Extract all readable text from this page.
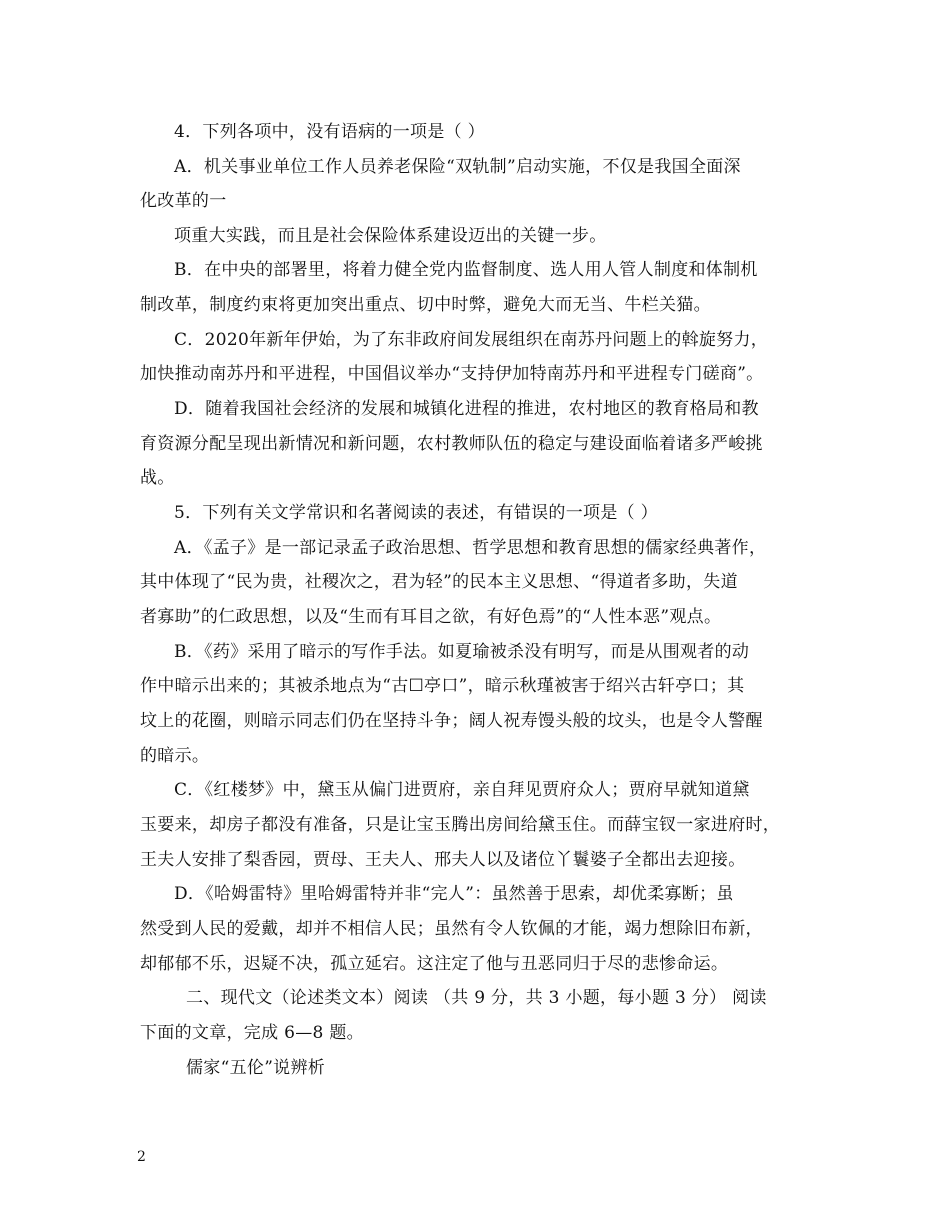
4．下列各项中，没有语病的一项是（ ）
A．机关事业单位工作人员养老保险“双轨制”启动实施，不仅是我国全面深
化改革的一
项重大实践，而且是社会保险体系建设迈出的关键一步。
B．在中央的部署里，将着力健全党内监督制度、选人用人管人制度和体制机
制改革，制度约束将更加突出重点、切中时弊，避免大而无当、牛栏关猫。
C．2020年新年伊始，为了东非政府间发展组织在南苏丹问题上的斡旋努力，
加快推动南苏丹和平进程，中国倡议举办“支持伊加特南苏丹和平进程专门磋商”。
D．随着我国社会经济的发展和城镇化进程的推进，农村地区的教育格局和教
育资源分配呈现出新情况和新问题，农村教师队伍的稳定与建设面临着诸多严峻挑
战。
5．下列有关文学常识和名著阅读的表述，有错误的一项是（ ）
A．《孟子》是一部记录孟子政治思想、哲学思想和教育思想的儒家经典著作，
其中体现了“民为贵，社稷次之，君为轻”的民本主义思想、“得道者多助，失道
者寡助”的仁政思想，以及“生而有耳目之欲，有好色焉”的“人性本恶”观点。
B．《药》采用了暗示的写作手法。如夏瑜被杀没有明写，而是从围观者的动
作中暗示出来的；其被杀地点为“古☐亭口”，暗示秋瑾被害于绍兴古轩亭口；其
坟上的花圈，则暗示同志们仍在坚持斗争；阔人祝寿馒头般的坟头，也是令人警醒
的暗示。
C．《红楼梦》中，黛玉从偏门进贾府，亲自拜见贾府众人；贾府早就知道黛
玉要来，却房子都没有准备，只是让宝玉腾出房间给黛玉住。而薛宝钗一家进府时，
王夫人安排了梨香园，贾母、王夫人、邢夫人以及诸位丫鬟婆子全都出去迎接。
D．《哈姆雷特》里哈姆雷特并非“完人”：虽然善于思索，却优柔寡断；虽
然受到人民的爱戴，却并不相信人民；虽然有令人钦佩的才能，竭力想除旧布新，
却郁郁不乐，迟疑不决，孤立延宕。这注定了他与丑恶同归于尽的悲惨命运。
二、现代文（论述类文本）阅读 （共 9 分，共 3 小题，每小题 3 分） 阅读
下面的文章，完成 6—8 题。
儒家“五伦”说辨析
2
